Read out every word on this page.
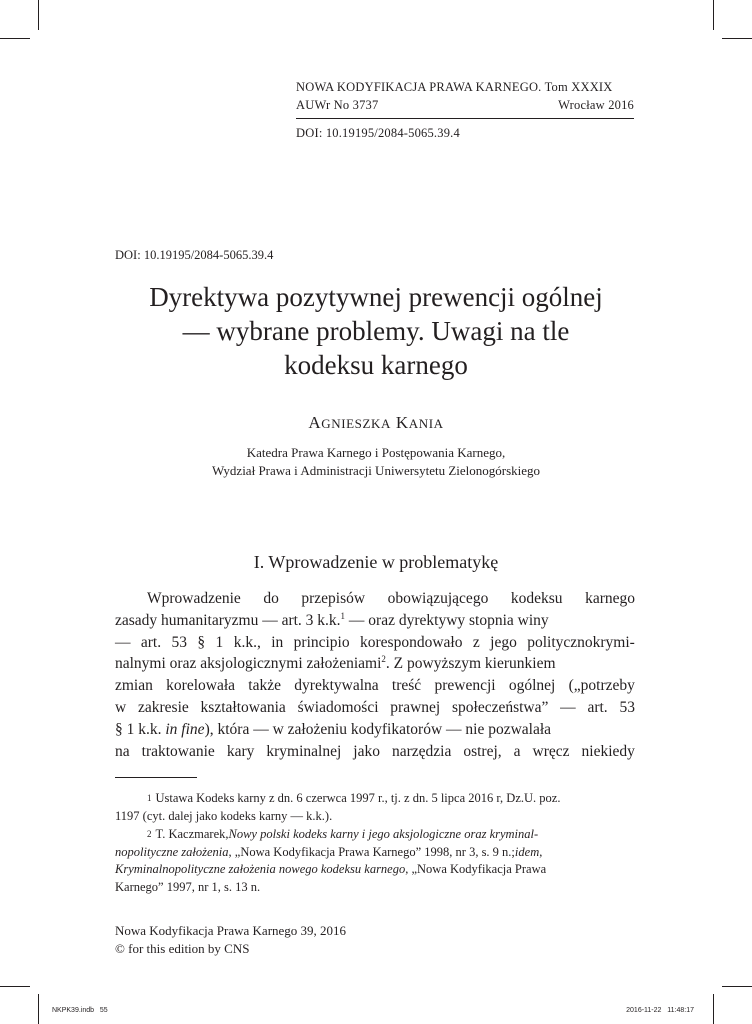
NOWA KODYFIKACJA PRAWA KARNEGO. Tom XXXIX
AUWr No 3737	Wrocław 2016
DOI: 10.19195/2084-5065.39.4
DOI: 10.19195/2084-5065.39.4
Dyrektywa pozytywnej prewencji ogólnej
— wybrane problemy. Uwagi na tle
kodeksu karnego
AGNIESZKA KANIA
Katedra Prawa Karnego i Postępowania Karnego,
Wydział Prawa i Administracji Uniwersytetu Zielonogórskiego
I. Wprowadzenie w problematykę
Wprowadzenie do przepisów obowiązującego kodeksu karnego
zasady humanitaryzmu — art. 3 k.k.$^1$ — oraz dyrektywy stopnia winy
— art. 53 § 1 k.k., in principio korespondowało z jego politycznokrymi-
nalnymi oraz aksjologicznymi założeniami$^2$. Z powyższym kierunkiem
zmian korelowała także dyrektywalna treść prewencji ogólnej („potrzeby
w zakresie kształtowania świadomości prawnej społeczeństwa” — art. 53
§ 1 k.k. in fine), która — w założeniu kodyfikatorów — nie pozwalała
na traktowanie kary kryminalnej jako narzędzia ostrej, a wręcz niekiedy
1 Ustawa Kodeks karny z dn. 6 czerwca 1997 r., tj. z dn. 5 lipca 2016 r, Dz.U. poz.
1197 (cyt. dalej jako kodeks karny — k.k.).
2 T. Kaczmarek, Nowy polski kodeks karny i jego aksjologiczne oraz kryminal-
nopolityczne założenia , „Nowa Kodyfikacja Prawa Karnego” 1998, nr 3, s. 9 n.; idem ,
Kryminalnopolityczne założenia nowego kodeksu karnego , „Nowa Kodyfikacja Prawa
Karnego” 1997, nr 1, s. 13 n.
Nowa Kodyfikacja Prawa Karnego 39, 2016
© for this edition by CNS
NKPK39.indb   55	2016-11-22   11:48:17
